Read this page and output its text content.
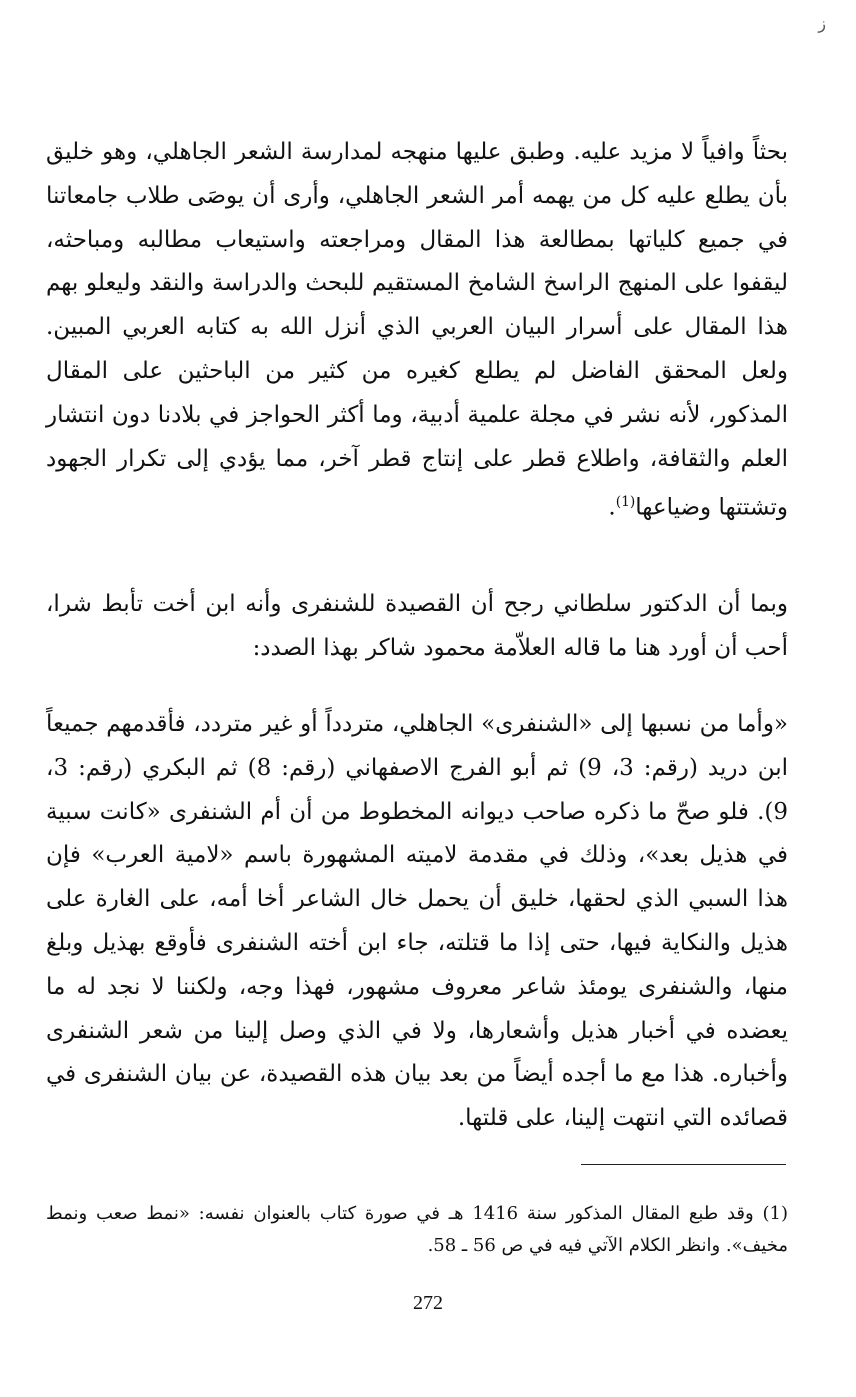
ز

بحثاً وافياً لا مزيد عليه. وطبق عليها منهجه لمدارسة الشعر الجاهلي، وهو خليق بأن يطلع عليه كل من يهمه أمر الشعر الجاهلي، وأرى أن يوصَى طلاب جامعاتنا في جميع كلياتها بمطالعة هذا المقال ومراجعته واستيعاب مطالبه ومباحثه، ليقفوا على المنهج الراسخ الشامخ المستقيم للبحث والدراسة والنقد وليعلو بهم هذا المقال على أسرار البيان العربي الذي أنزل الله به كتابه العربي المبين. ولعل المحقق الفاضل لم يطلع كغيره من كثير من الباحثين على المقال المذكور، لأنه نشر في مجلة علمية أدبية، وما أكثر الحواجز في بلادنا دون انتشار العلم والثقافة، واطلاع قطر على إنتاج قطر آخر، مما يؤدي إلى تكرار الجهود وتشتتها وضياعها$^{(1)}$.

وبما أن الدكتور سلطاني رجح أن القصيدة للشنفرى وأنه ابن أخت تأبط شرا، أحب أن أورد هنا ما قاله العلاّمة محمود شاكر بهذا الصدد:

«وأما من نسبها إلى «الشنفرى» الجاهلي، متردداً أو غير متردد، فأقدمهم جميعاً ابن دريد (رقم: 3، 9) ثم أبو الفرج الاصفهاني (رقم: 8) ثم البكري (رقم: 3، 9). فلو صحّ ما ذكره صاحب ديوانه المخطوط من أن أم الشنفرى «كانت سبية في هذيل بعد»، وذلك في مقدمة لاميته المشهورة باسم «لامية العرب» فإن هذا السبي الذي لحقها، خليق أن يحمل خال الشاعر أخا أمه، على الغارة على هذيل والنكاية فيها، حتى إذا ما قتلته، جاء ابن أخته الشنفرى فأوقع بهذيل وبلغ منها، والشنفرى يومئذ شاعر معروف مشهور، فهذا وجه، ولكننا لا نجد له ما يعضده في أخبار هذيل وأشعارها، ولا في الذي وصل إلينا من شعر الشنفرى وأخباره. هذا مع ما أجده أيضاً من بعد بيان هذه القصيدة، عن بيان الشنفرى في قصائده التي انتهت إلينا، على قلتها.

(1) وقد طبع المقال المذكور سنة 1416 هـ في صورة كتاب بالعنوان نفسه: «نمط صعب ونمط مخيف». وانظر الكلام الآتي فيه في ص 56 ـ 58.

272
